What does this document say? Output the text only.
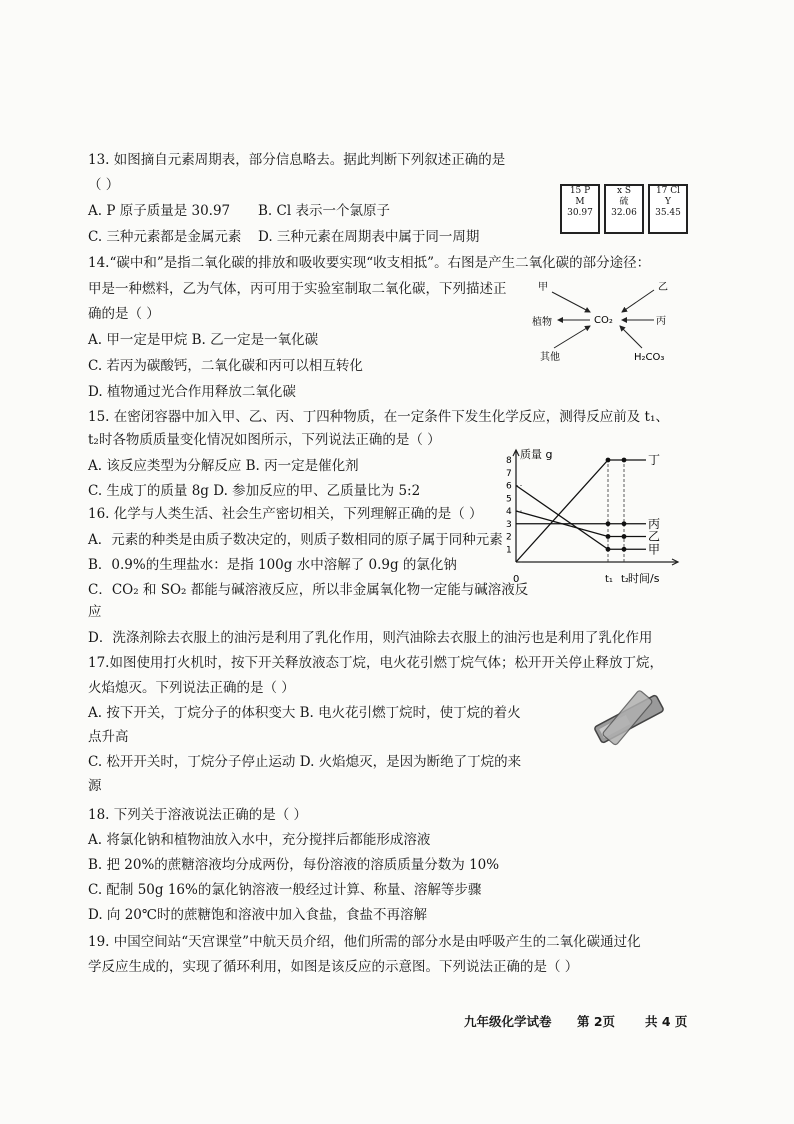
13. 如图摘自元素周期表，部分信息略去。据此判断下列叙述正确的是
（ ）
A. P 原子质量是 30.97 B. Cl 表示一个氯原子
C. 三种元素都是金属元素 D. 三种元素在周期表中属于同一周期
15 P
M
30.97
x S
硫
32.06
17 Cl
Y
35.45
14.“碳中和”是指二氧化碳的排放和吸收要实现“收支相抵”。右图是产生二氧化碳的部分途径：
甲是一种燃料，乙为气体，丙可用于实验室制取二氧化碳，下列描述正
确的是（ ）
A. 甲一定是甲烷 B. 乙一定是一氧化碳
C. 若丙为碳酸钙，二氧化碳和丙可以相互转化
D. 植物通过光合作用释放二氧化碳
甲	乙
植物	丙
其他	H₂CO₃
CO₂
15. 在密闭容器中加入甲、乙、丙、丁四种物质，在一定条件下发生化学反应，测得反应前及 t₁、
t₂时各物质质量变化情况如图所示，下列说法正确的是（ ）
A. 该反应类型为分解反应 B. 丙一定是催化剂
C. 生成丁的质量 8g D. 参加反应的甲、乙质量比为 5:2
质量 g
时间/s
1
2
3
4
5
6
7
8
0	t₁ t₂
丁
丙
乙
甲
16. 化学与人类生活、社会生产密切相关，下列理解正确的是（ ）
A．元素的种类是由质子数决定的，则质子数相同的原子属于同种元素
B．0.9%的生理盐水：是指 100g 水中溶解了 0.9g 的氯化钠
C．CO₂ 和 SO₂ 都能与碱溶液反应，所以非金属氧化物一定能与碱溶液反
应
D．洗涤剂除去衣服上的油污是利用了乳化作用，则汽油除去衣服上的油污也是利用了乳化作用
17.如图使用打火机时，按下开关释放液态丁烷，电火花引燃丁烷气体；松开开关停止释放丁烷，
火焰熄灭。下列说法正确的是（ ）
A. 按下开关，丁烷分子的体积变大 B. 电火花引燃丁烷时，使丁烷的着火
点升高
C. 松开开关时，丁烷分子停止运动 D. 火焰熄灭，是因为断绝了丁烷的来
源
18. 下列关于溶液说法正确的是（ ）
A. 将氯化钠和植物油放入水中，充分搅拌后都能形成溶液
B. 把 20%的蔗糖溶液均分成两份，每份溶液的溶质质量分数为 10%
C. 配制 50g 16%的氯化钠溶液一般经过计算、称量、溶解等步骤
D. 向 20℃时的蔗糖饱和溶液中加入食盐，食盐不再溶解
19. 中国空间站“天宫课堂”中航天员介绍，他们所需的部分水是由呼吸产生的二氧化碳通过化
学反应生成的，实现了循环利用，如图是该反应的示意图。下列说法正确的是（ ）
九年级化学试卷 第 2页 共 4 页
